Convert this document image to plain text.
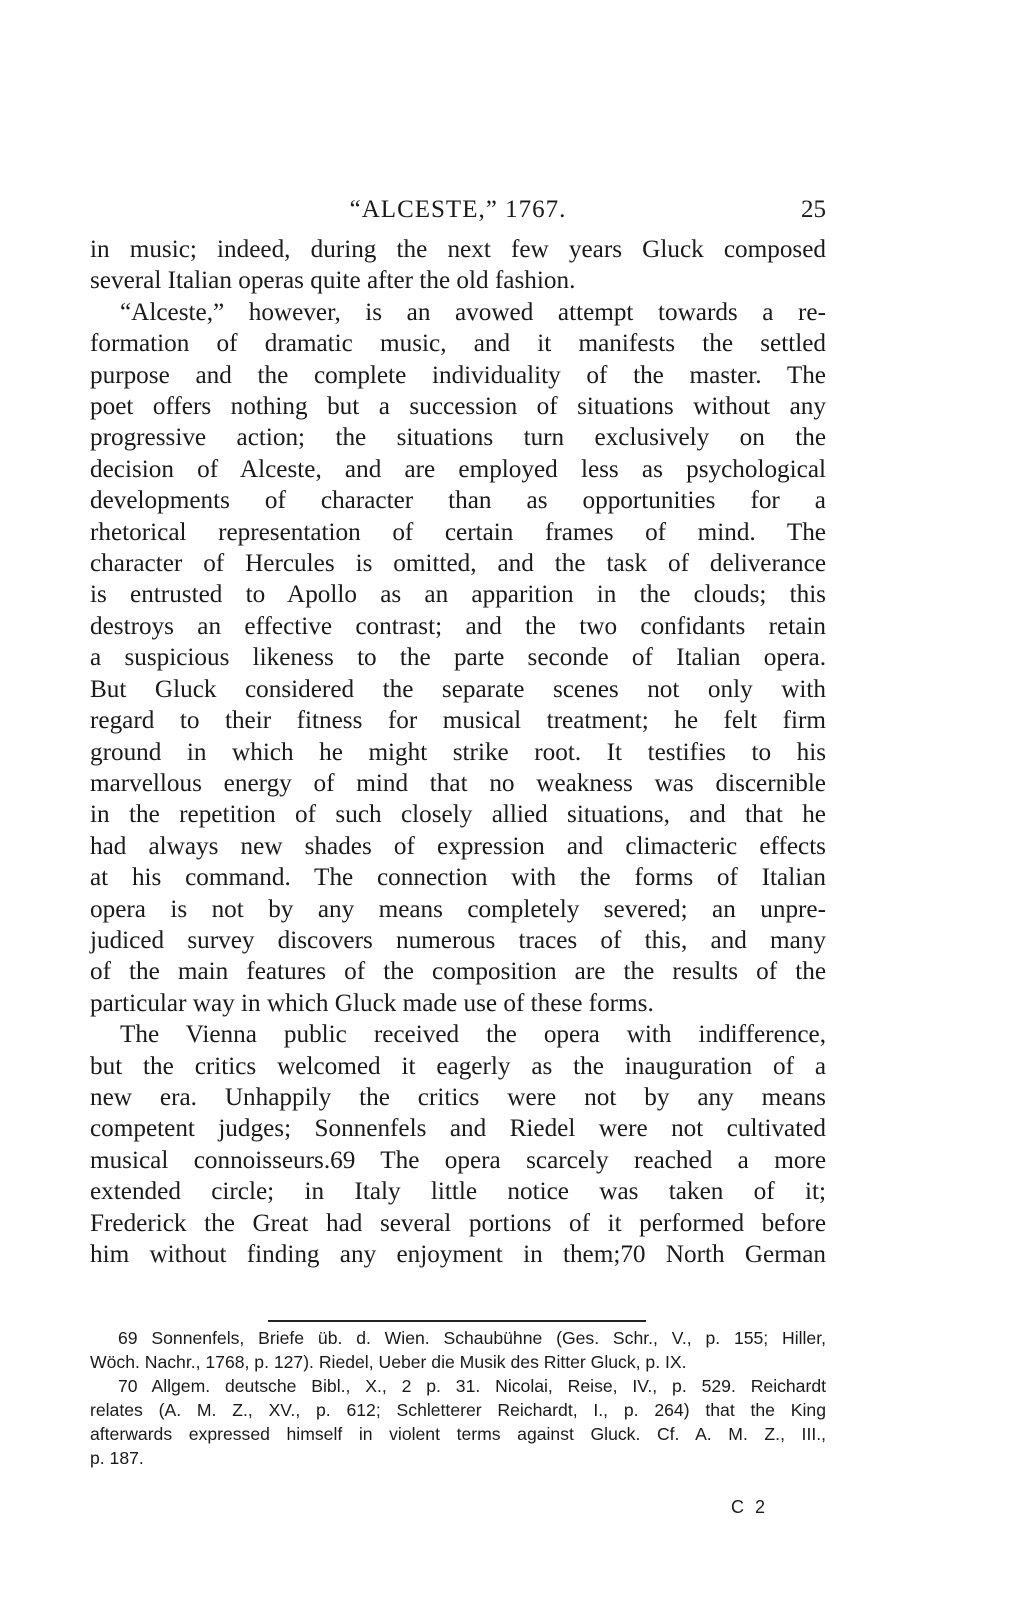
“ALCESTE,” 1767.	25
in music; indeed, during the next few years Gluck composed
several Italian operas quite after the old fashion.
“Alceste,” however, is an avowed attempt towards a re-
formation of dramatic music, and it manifests the settled
purpose and the complete individuality of the master. The
poet offers nothing but a succession of situations without any
progressive action; the situations turn exclusively on the
decision of Alceste, and are employed less as psychological
developments of character than as opportunities for a
rhetorical representation of certain frames of mind. The
character of Hercules is omitted, and the task of deliverance
is entrusted to Apollo as an apparition in the clouds; this
destroys an effective contrast; and the two confidants retain
a suspicious likeness to the parte seconde of Italian opera.
But Gluck considered the separate scenes not only with
regard to their fitness for musical treatment; he felt firm
ground in which he might strike root. It testifies to his
marvellous energy of mind that no weakness was discernible
in the repetition of such closely allied situations, and that he
had always new shades of expression and climacteric effects
at his command. The connection with the forms of Italian
opera is not by any means completely severed; an unpre-
judiced survey discovers numerous traces of this, and many
of the main features of the composition are the results of the
particular way in which Gluck made use of these forms.
The Vienna public received the opera with indifference,
but the critics welcomed it eagerly as the inauguration of a
new era. Unhappily the critics were not by any means
competent judges; Sonnenfels and Riedel were not cultivated
musical connoisseurs.69 The opera scarcely reached a more
extended circle; in Italy little notice was taken of it;
Frederick the Great had several portions of it performed before
him without finding any enjoyment in them;70 North German
69 Sonnenfels, Briefe üb. d. Wien. Schaubühne (Ges. Schr., V., p. 155; Hiller,
Wöch. Nachr., 1768, p. 127). Riedel, Ueber die Musik des Ritter Gluck, p. IX.
70 Allgem. deutsche Bibl., X., 2 p. 31. Nicolai, Reise, IV., p. 529. Reichardt
relates (A. M. Z., XV., p. 612; Schletterer Reichardt, I., p. 264) that the King
afterwards expressed himself in violent terms against Gluck. Cf. A. M. Z., III.,
p. 187.
C 2
